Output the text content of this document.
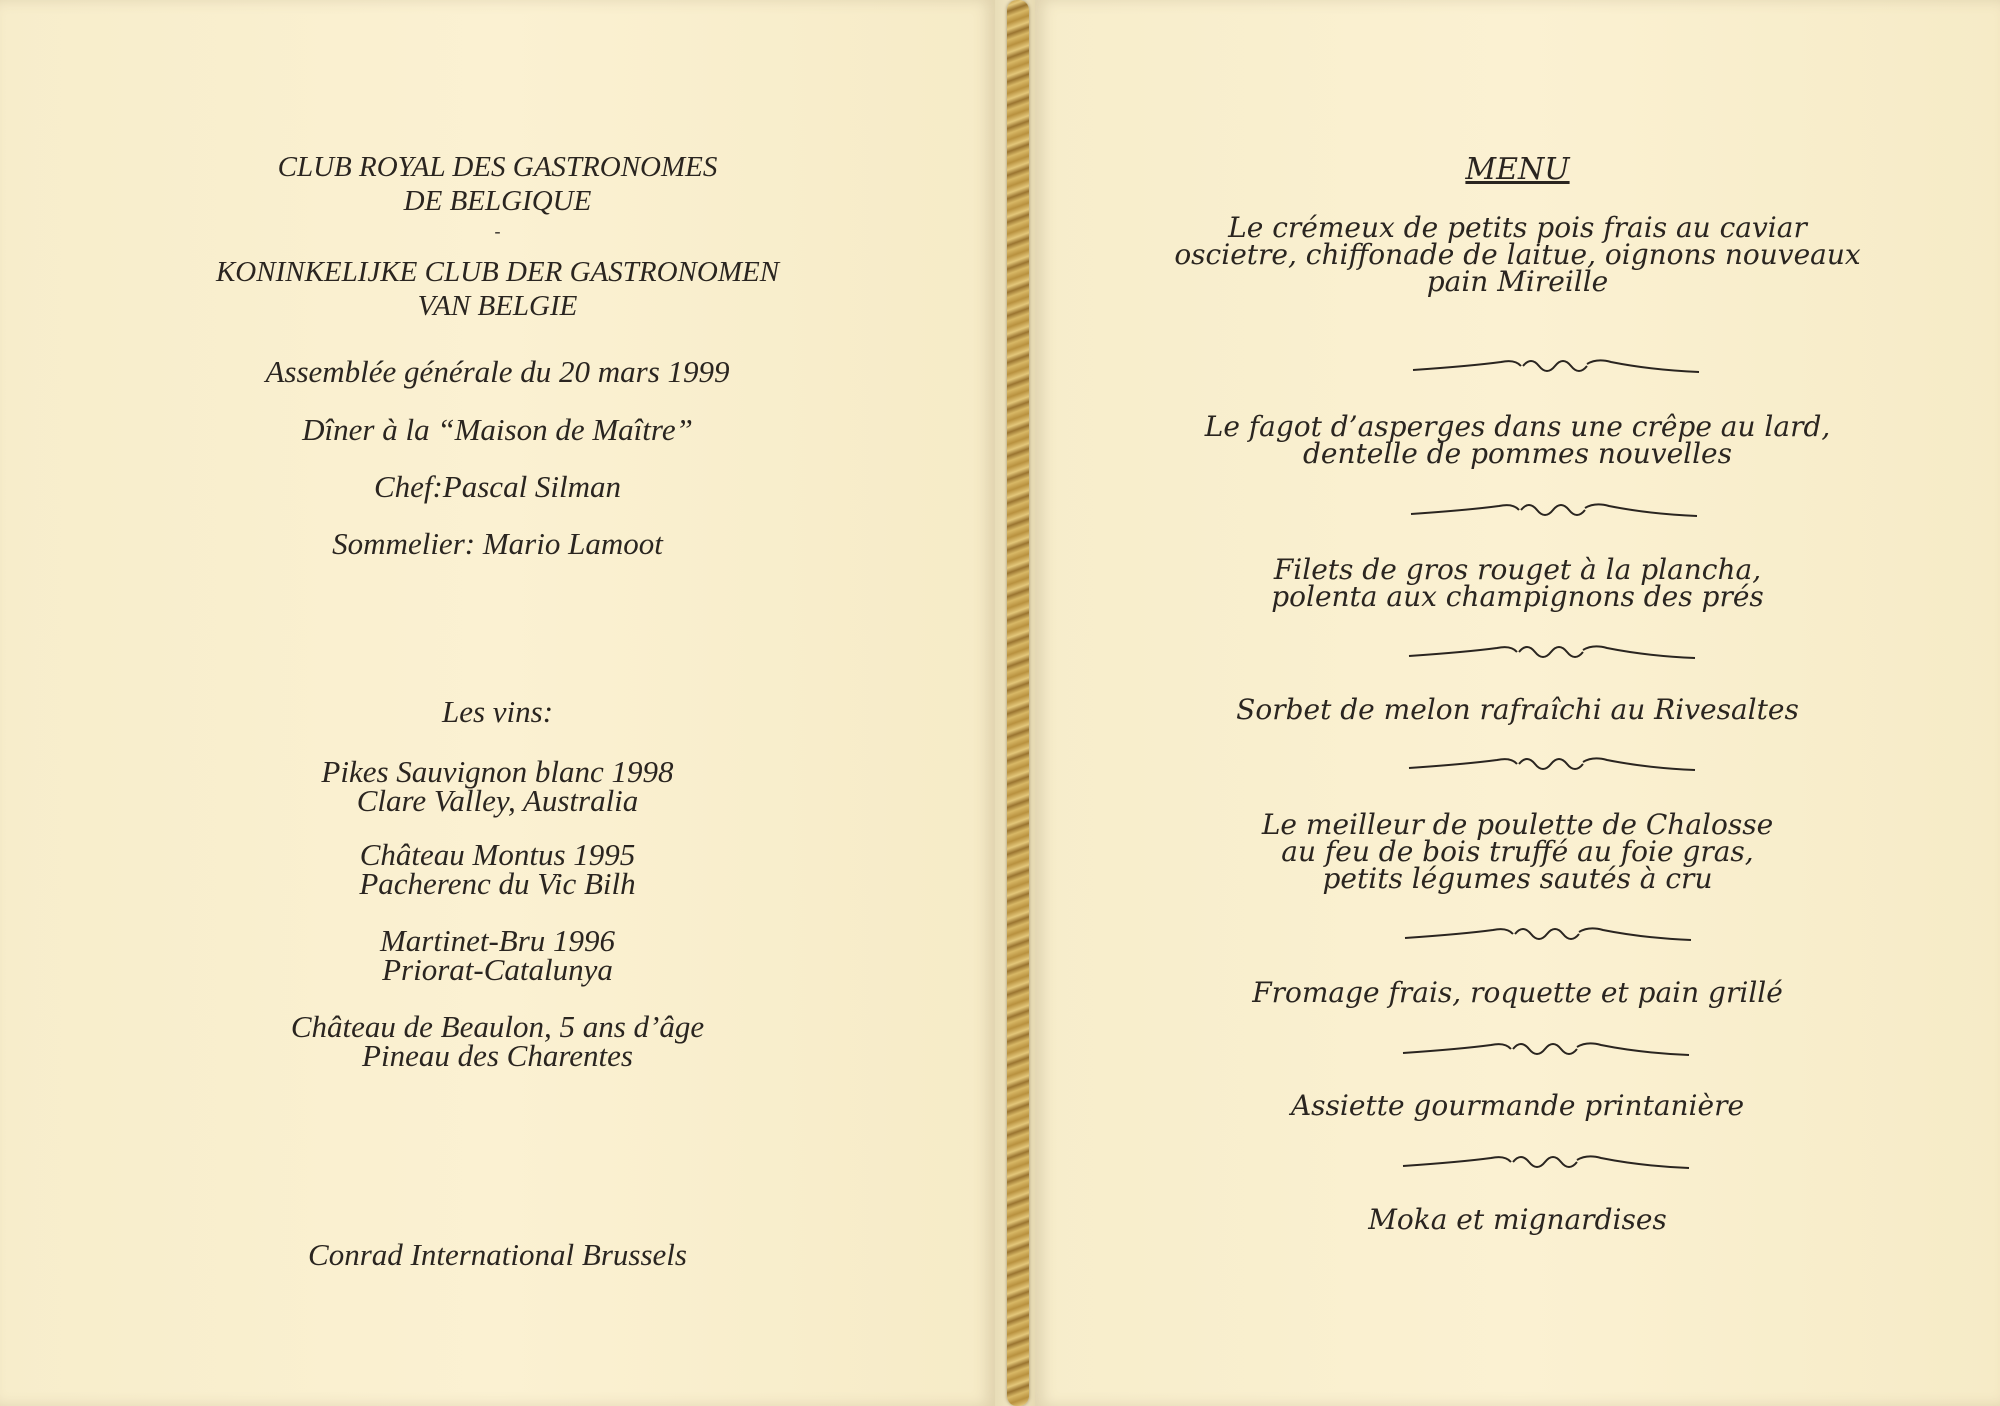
CLUB ROYAL DES GASTRONOMES
DE BELGIQUE
-
KONINKELIJKE CLUB DER GASTRONOMEN
VAN BELGIE
Assemblée générale du 20 mars 1999
Dîner à la “Maison de Maître”
Chef:Pascal Silman
Sommelier: Mario Lamoot
Les vins:
Pikes Sauvignon blanc 1998
Clare Valley, Australia
Château Montus 1995
Pacherenc du Vic Bilh
Martinet-Bru 1996
Priorat-Catalunya
Château de Beaulon, 5 ans d’âge
Pineau des Charentes
Conrad International Brussels
MENU
Le crémeux de petits pois frais au caviar
oscietre, chiffonade de laitue, oignons nouveaux
pain Mireille
Le fagot d’asperges dans une crêpe au lard,
dentelle de pommes nouvelles
Filets de gros rouget à la plancha,
polenta aux champignons des prés
Sorbet de melon rafraîchi au Rivesaltes
Le meilleur de poulette de Chalosse
au feu de bois truffé au foie gras,
petits légumes sautés à cru
Fromage frais, roquette et pain grillé
Assiette gourmande printanière
Moka et mignardises
